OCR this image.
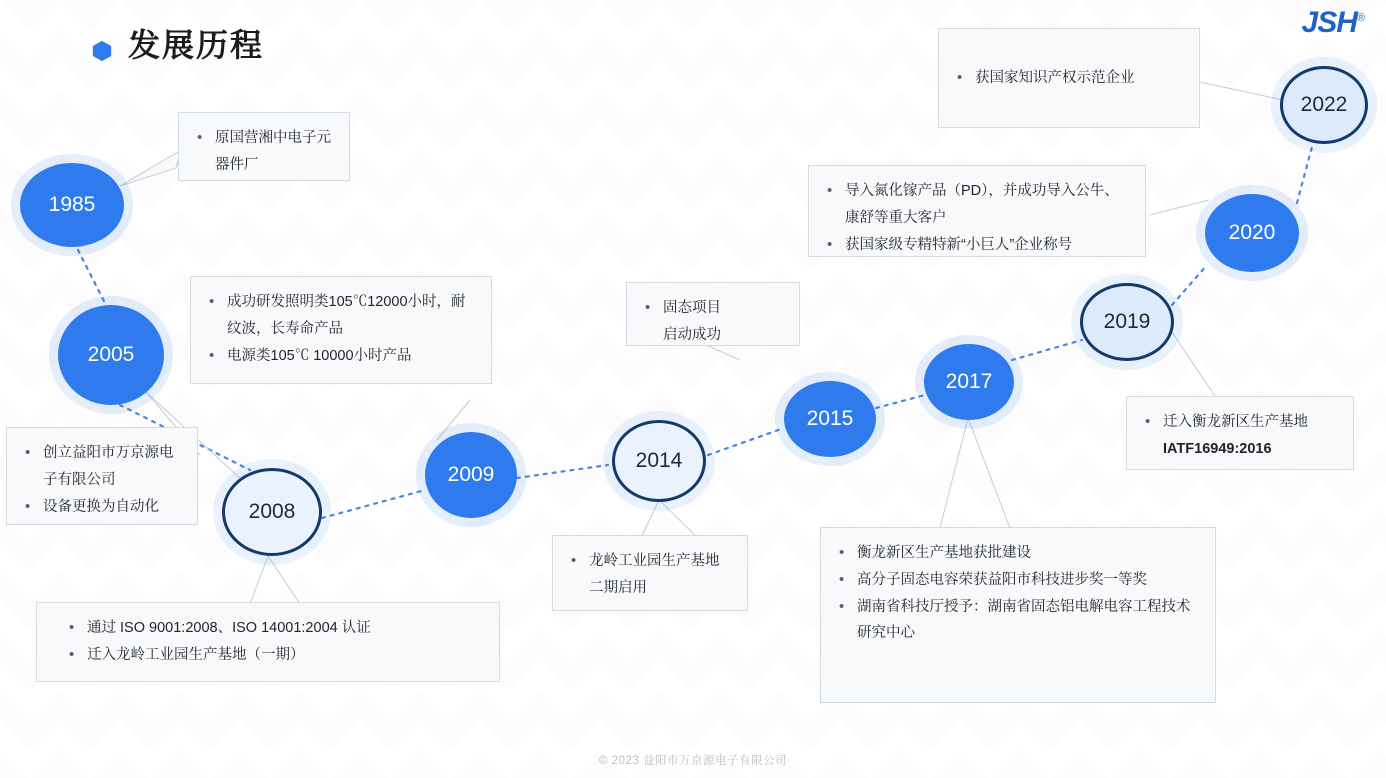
发展历程
JSH®
1985
2005
2008
2009
2014
2015
2017
2019
2020
2022
• 原国营湘中电子元器件厂
• 创立益阳市万京源电子有限公司
• 设备更换为自动化
• 成功研发照明类105℃12000小时，耐纹波，长寿命产品
• 电源类105℃ 10000小时产品
• 通过 ISO 9001:2008、ISO 14001:2004 认证
• 迁入龙岭工业园生产基地（一期）
• 固态项目
启动成功
• 龙岭工业园生产基地二期启用
• 衡龙新区生产基地获批建设
• 高分子固态电容荣获益阳市科技进步奖一等奖
• 湖南省科技厅授予：湖南省固态铝电解电容工程技术研究中心
• 迁入衡龙新区生产基地IATF16949:2016
• 导入氮化镓产品（PD），并成功导入公牛、康舒等重大客户
• 获国家级专精特新“小巨人”企业称号
• 获国家知识产权示范企业
© 2023 益阳市万京源电子有限公司
